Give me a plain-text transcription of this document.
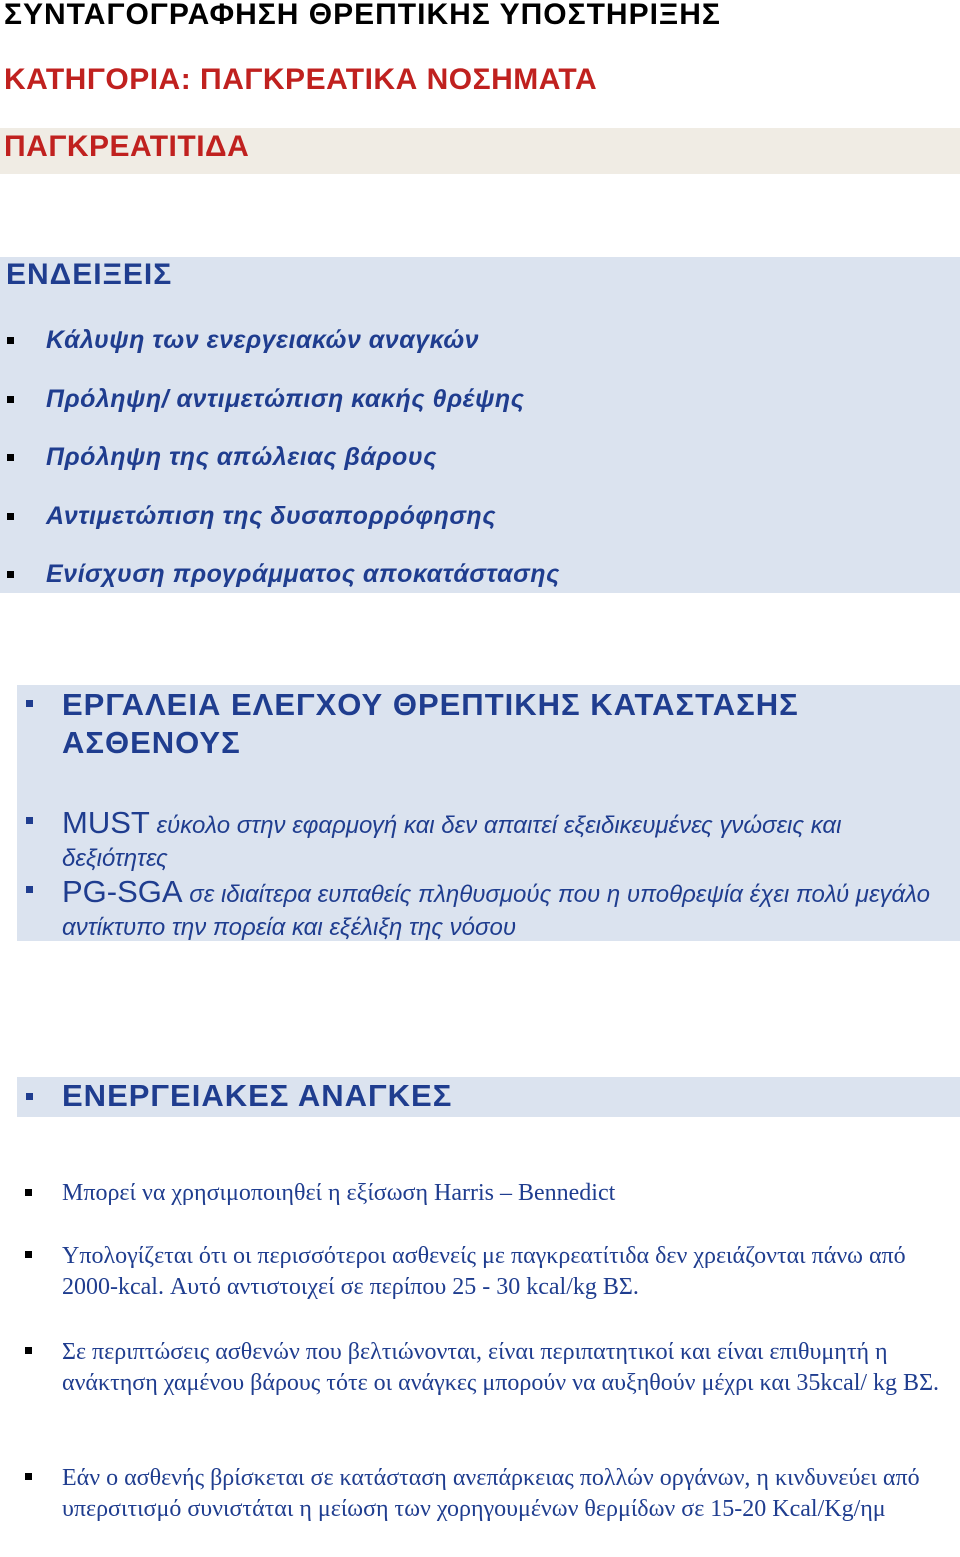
ΣΥΝΤΑΓΟΓΡΑΦΗΣΗ ΘΡΕΠΤΙΚΗΣ ΥΠΟΣΤΗΡΙΞΗΣ
ΚΑΤΗΓΟΡΙΑ: ΠΑΓΚΡΕΑΤΙΚΑ ΝΟΣΗΜΑΤΑ
ΠΑΓΚΡΕΑΤΙΤΙΔΑ
ΕΝΔΕΙΞΕΙΣ
Κάλυψη των ενεργειακών αναγκών
Πρόληψη/ αντιμετώπιση κακής θρέψης
Πρόληψη της απώλειας βάρους
Αντιμετώπιση της δυσαπορρόφησης
Ενίσχυση προγράμματος αποκατάστασης
ΕΡΓΑΛΕΙΑ ΕΛΕΓΧΟΥ ΘΡΕΠΤΙΚΗΣ ΚΑΤΑΣΤΑΣΗΣ ΑΣΘΕΝΟΥΣ
MUST εύκολο στην εφαρμογή και δεν απαιτεί εξειδικευμένες γνώσεις και δεξιότητες
PG-SGA σε ιδιαίτερα ευπαθείς πληθυσμούς που η υποθρεψία έχει πολύ μεγάλο αντίκτυπο την πορεία και εξέλιξη της νόσου
ΕΝΕΡΓΕΙΑΚΕΣ ΑΝΑΓΚΕΣ
Μπορεί να χρησιμοποιηθεί η εξίσωση Harris – Bennedict
Υπολογίζεται ότι οι περισσότεροι ασθενείς με παγκρεατίτιδα δεν χρειάζονται πάνω από 2000-kcal. Αυτό αντιστοιχεί σε περίπου 25 - 30 kcal/kg ΒΣ.
Σε περιπτώσεις ασθενών που βελτιώνονται, είναι περιπατητικοί και είναι επιθυμητή η ανάκτηση χαμένου βάρους τότε οι ανάγκες μπορούν να αυξηθούν μέχρι και 35kcal/ kg ΒΣ.
Εάν ο ασθενής βρίσκεται σε κατάσταση ανεπάρκειας πολλών οργάνων, η κινδυνεύει από υπερσιτισμό συνιστάται η μείωση των χορηγουμένων θερμίδων σε 15-20 Kcal/Kg/ημ
